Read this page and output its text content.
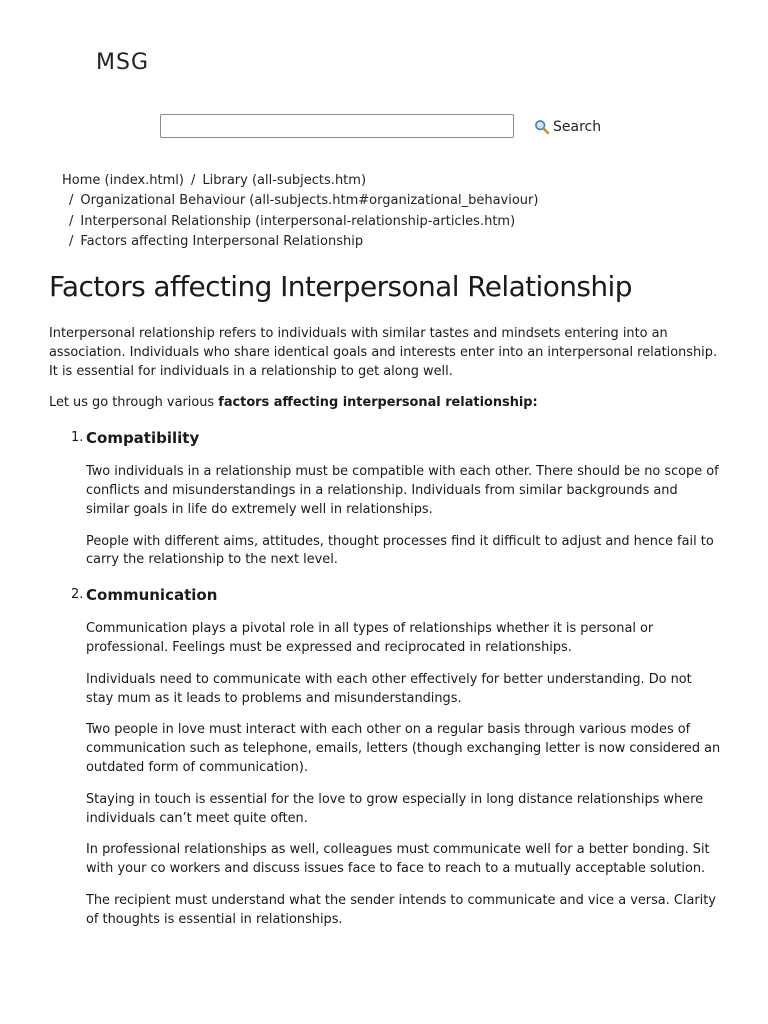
MSG
Search
Home (index.html) / Library (all-subjects.htm)
/ Organizational Behaviour (all-subjects.htm#organizational_behaviour)
/ Interpersonal Relationship (interpersonal-relationship-articles.htm)
/ Factors affecting Interpersonal Relationship
Factors affecting Interpersonal Relationship

Interpersonal relationship refers to individuals with similar tastes and mindsets entering into an association. Individuals who share identical goals and interests enter into an interpersonal relationship. It is essential for individuals in a relationship to get along well.

Let us go through various factors affecting interpersonal relationship:

1. Compatibility

Two individuals in a relationship must be compatible with each other. There should be no scope of conflicts and misunderstandings in a relationship. Individuals from similar backgrounds and similar goals in life do extremely well in relationships.

People with different aims, attitudes, thought processes find it difficult to adjust and hence fail to carry the relationship to the next level.

2. Communication

Communication plays a pivotal role in all types of relationships whether it is personal or professional. Feelings must be expressed and reciprocated in relationships.

Individuals need to communicate with each other effectively for better understanding. Do not stay mum as it leads to problems and misunderstandings.

Two people in love must interact with each other on a regular basis through various modes of communication such as telephone, emails, letters (though exchanging letter is now considered an outdated form of communication).

Staying in touch is essential for the love to grow especially in long distance relationships where individuals can’t meet quite often.

In professional relationships as well, colleagues must communicate well for a better bonding. Sit with your co workers and discuss issues face to face to reach to a mutually acceptable solution.

The recipient must understand what the sender intends to communicate and vice a versa. Clarity of thoughts is essential in relationships.
